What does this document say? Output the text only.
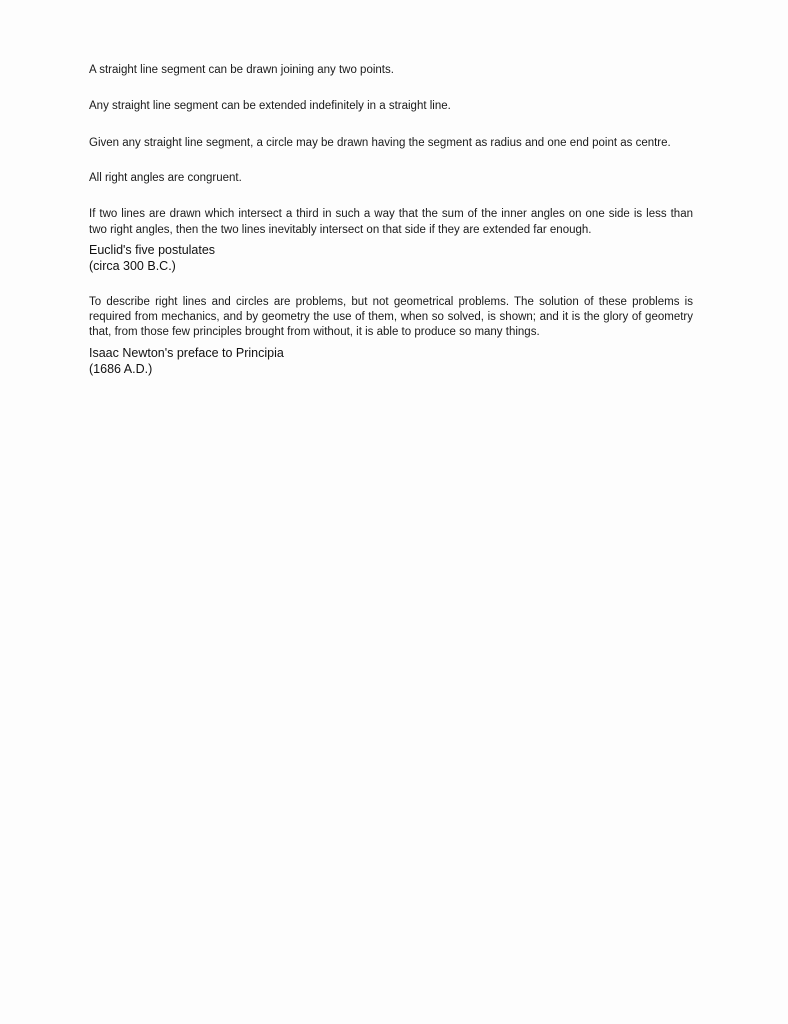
A straight line segment can be drawn joining any two points.

Any straight line segment can be extended indefinitely in a straight line.

Given any straight line segment, a circle may be drawn having the segment as radius and one end point as centre.

All right angles are congruent.

If two lines are drawn which intersect a third in such a way that the sum of the inner angles on one side is less than two right angles, then the two lines inevitably intersect on that side if they are extended far enough.

Euclid's five postulates
(circa 300 B.C.)

To describe right lines and circles are problems, but not geometrical problems. The solution of these problems is required from mechanics, and by geometry the use of them, when so solved, is shown; and it is the glory of geometry that, from those few principles brought from without, it is able to produce so many things.

Isaac Newton's preface to Principia
(1686 A.D.)
